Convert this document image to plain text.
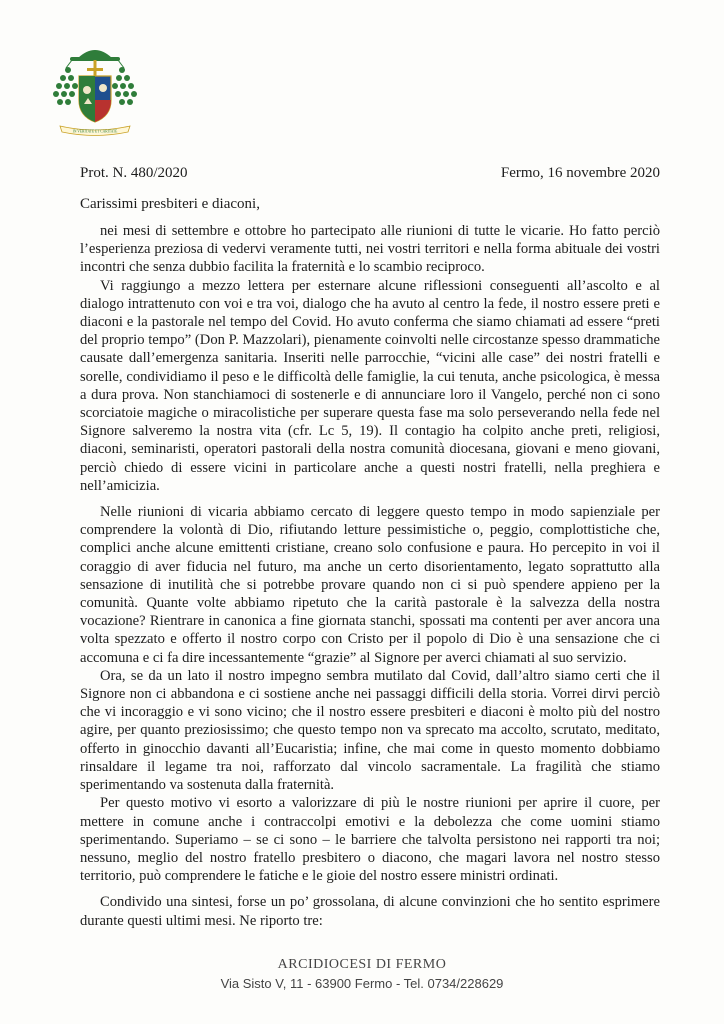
IN VERITATE ET CARITATE
Prot. N. 480/2020	Fermo, 16 novembre 2020
Carissimi presbiteri e diaconi,

nei mesi di settembre e ottobre ho partecipato alle riunioni di tutte le vicarie. Ho fatto perciò l’esperienza preziosa di vedervi veramente tutti, nei vostri territori e nella forma abituale dei vostri incontri che senza dubbio facilita la fraternità e lo scambio reciproco.

Vi raggiungo a mezzo lettera per esternare alcune riflessioni conseguenti all’ascolto e al dialogo intrattenuto con voi e tra voi, dialogo che ha avuto al centro la fede, il nostro essere preti e diaconi e la pastorale nel tempo del Covid. Ho avuto conferma che siamo chiamati ad essere “preti del proprio tempo” (Don P. Mazzolari), pienamente coinvolti nelle circostanze spesso drammatiche causate dall’emergenza sanitaria. Inseriti nelle parrocchie, “vicini alle case” dei nostri fratelli e sorelle, condividiamo il peso e le difficoltà delle famiglie, la cui tenuta, anche psicologica, è messa a dura prova. Non stanchiamoci di sostenerle e di annunciare loro il Vangelo, perché non ci sono scorciatoie magiche o miracolistiche per superare questa fase ma solo perseverando nella fede nel Signore salveremo la nostra vita (cfr. Lc 5, 19). Il contagio ha colpito anche preti, religiosi, diaconi, seminaristi, operatori pastorali della nostra comunità diocesana, giovani e meno giovani, perciò chiedo di essere vicini in particolare anche a questi nostri fratelli, nella preghiera e nell’amicizia.

Nelle riunioni di vicaria abbiamo cercato di leggere questo tempo in modo sapienziale per comprendere la volontà di Dio, rifiutando letture pessimistiche o, peggio, complottistiche che, complici anche alcune emittenti cristiane, creano solo confusione e paura. Ho percepito in voi il coraggio di aver fiducia nel futuro, ma anche un certo disorientamento, legato soprattutto alla sensazione di inutilità che si potrebbe provare quando non ci si può spendere appieno per la comunità. Quante volte abbiamo ripetuto che la carità pastorale è la salvezza della nostra vocazione? Rientrare in canonica a fine giornata stanchi, spossati ma contenti per aver ancora una volta spezzato e offerto il nostro corpo con Cristo per il popolo di Dio è una sensazione che ci accomuna e ci fa dire incessantemente “grazie” al Signore per averci chiamati al suo servizio.

Ora, se da un lato il nostro impegno sembra mutilato dal Covid, dall’altro siamo certi che il Signore non ci abbandona e ci sostiene anche nei passaggi difficili della storia. Vorrei dirvi perciò che vi incoraggio e vi sono vicino; che il nostro essere presbiteri e diaconi è molto più del nostro agire, per quanto preziosissimo; che questo tempo non va sprecato ma accolto, scrutato, meditato, offerto in ginocchio davanti all’Eucaristia; infine, che mai come in questo momento dobbiamo rinsaldare il legame tra noi, rafforzato dal vincolo sacramentale. La fragilità che stiamo sperimentando va sostenuta dalla fraternità.

Per questo motivo vi esorto a valorizzare di più le nostre riunioni per aprire il cuore, per mettere in comune anche i contraccolpi emotivi e la debolezza che come uomini stiamo sperimentando. Superiamo – se ci sono – le barriere che talvolta persistono nei rapporti tra noi; nessuno, meglio del nostro fratello presbitero o diacono, che magari lavora nel nostro stesso territorio, può comprendere le fatiche e le gioie del nostro essere ministri ordinati.

Condivido una sintesi, forse un po’ grossolana, di alcune convinzioni che ho sentito esprimere durante questi ultimi mesi. Ne riporto tre:

ARCIDIOCESI DI FERMO
Via Sisto V, 11 - 63900 Fermo - Tel. 0734/228629
